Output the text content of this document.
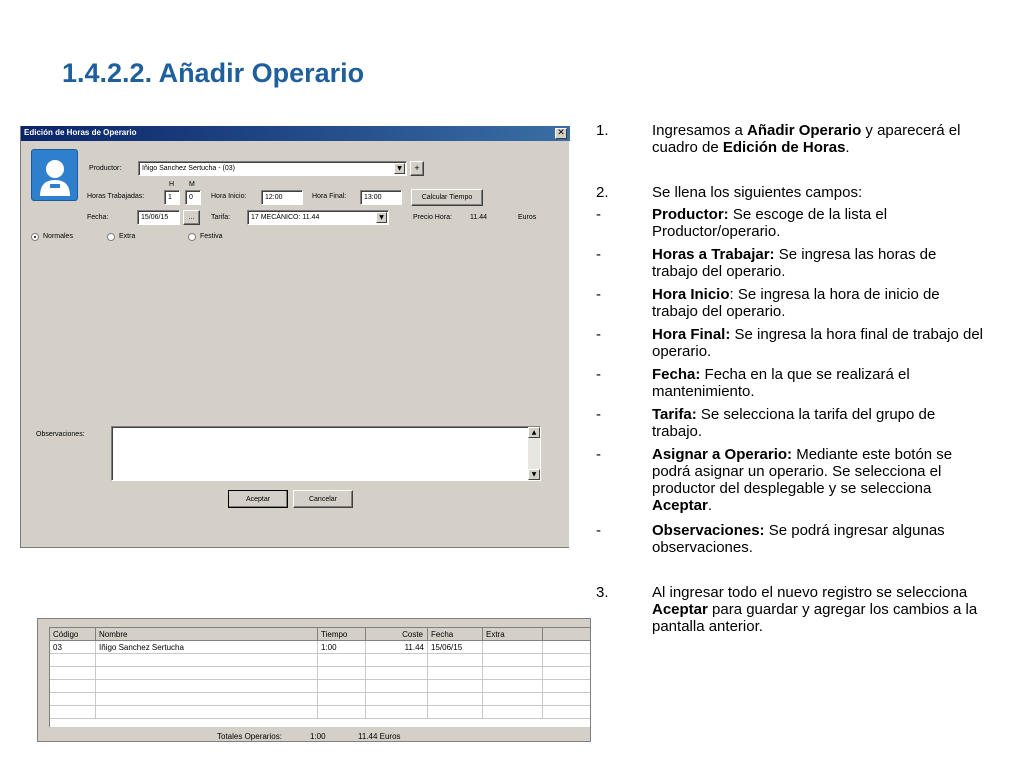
1.4.2.2. Añadir Operario
Edición de Horas de Operario	✕
Productor:	Iñigo Sanchez Sertucha - (03)	▼	+
H M
Horas Trabajadas:	1	0	Hora Inicio:	12:00	Hora Final:	13:00	Calcular Tiempo
Fecha:	15/06/15	...	Tarifa:	17 MECÁNICO: 11.44	▼	Precio Hora:	11.44	Euros
Normales	Extra	Festiva
Observaciones:	▲
▼
Aceptar	Cancelar
Código	Nombre	Tiempo	Coste	Fecha	Extra
03	Iñigo Sanchez Sertucha	1:00	11.44 15/06/15
Totales Operarios:	1:00	11.44 Euros
1.	Ingresamos a Añadir Operario y aparecerá el cuadro de Edición de Horas.
2.	Se llena los siguientes campos:
-	Productor: Se escoge de la lista el Productor/operario.
-	Horas a Trabajar: Se ingresa las horas de trabajo del operario.
-	Hora Inicio: Se ingresa la hora de inicio de trabajo del operario.
-	Hora Final: Se ingresa la hora final de trabajo del operario.
-	Fecha: Fecha en la que se realizará el mantenimiento.
-	Tarifa: Se selecciona la tarifa del grupo de trabajo.
-	Asignar a Operario: Mediante este botón se podrá asignar un operario. Se selecciona el productor del desplegable y se selecciona Aceptar.
-	Observaciones: Se podrá ingresar algunas observaciones.
3.	Al ingresar todo el nuevo registro se selecciona Aceptar para guardar y agregar los cambios a la pantalla anterior.
